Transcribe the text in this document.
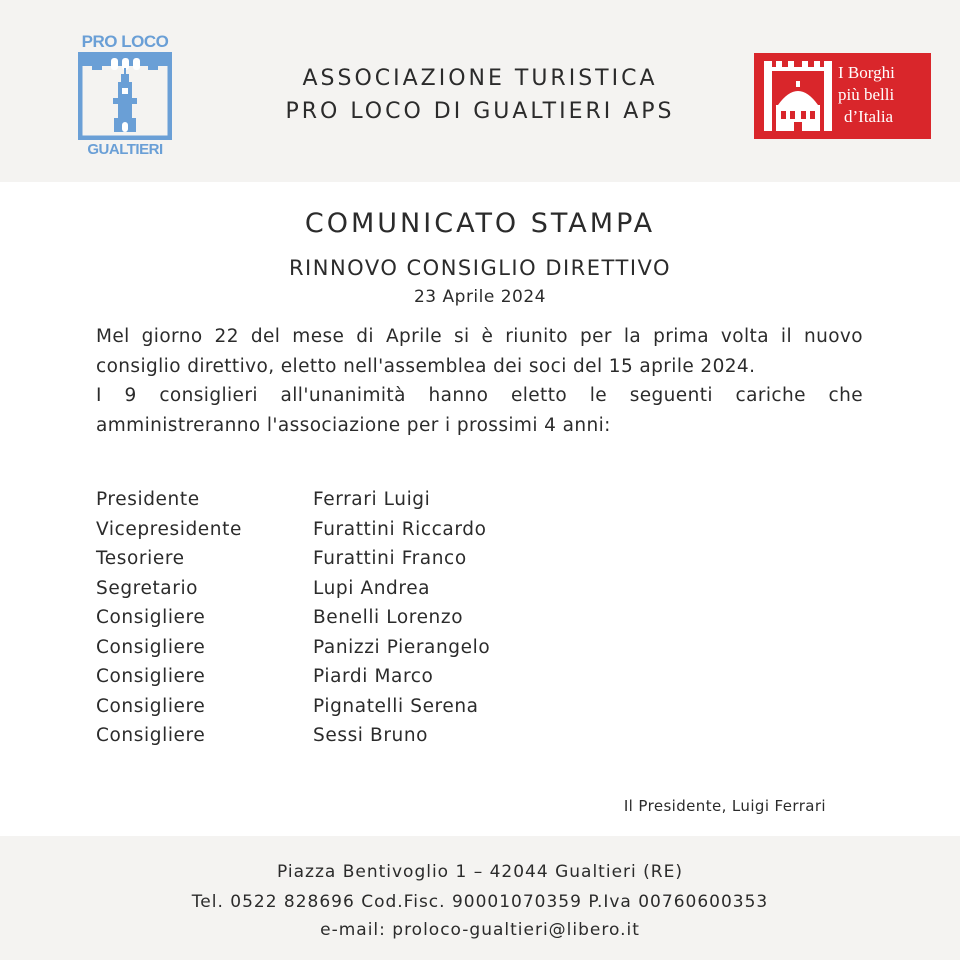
PRO LOCO
GUALTIERI
ASSOCIAZIONE TURISTICA
PRO LOCO DI GUALTIERI APS
I Borghi
più belli
d’Italia
COMUNICATO STAMPA
RINNOVO CONSIGLIO DIRETTIVO
23 Aprile 2024
Mel giorno 22 del mese di Aprile si è riunito per la prima volta il nuovo
consiglio direttivo, eletto nell'assemblea dei soci del 15 aprile 2024.
I 9 consiglieri all'unanimità hanno eletto le seguenti cariche che
amministreranno l'associazione per i prossimi 4 anni:
Presidente	Ferrari Luigi
Vicepresidente	Furattini Riccardo
Tesoriere	Furattini Franco
Segretario	Lupi Andrea
Consigliere	Benelli Lorenzo
Consigliere	Panizzi Pierangelo
Consigliere	Piardi Marco
Consigliere	Pignatelli Serena
Consigliere	Sessi Bruno
Il Presidente, Luigi Ferrari
Piazza Bentivoglio 1 – 42044 Gualtieri (RE)
Tel. 0522 828696 Cod.Fisc. 90001070359 P.Iva 00760600353
e-mail: proloco-gualtieri@libero.it
